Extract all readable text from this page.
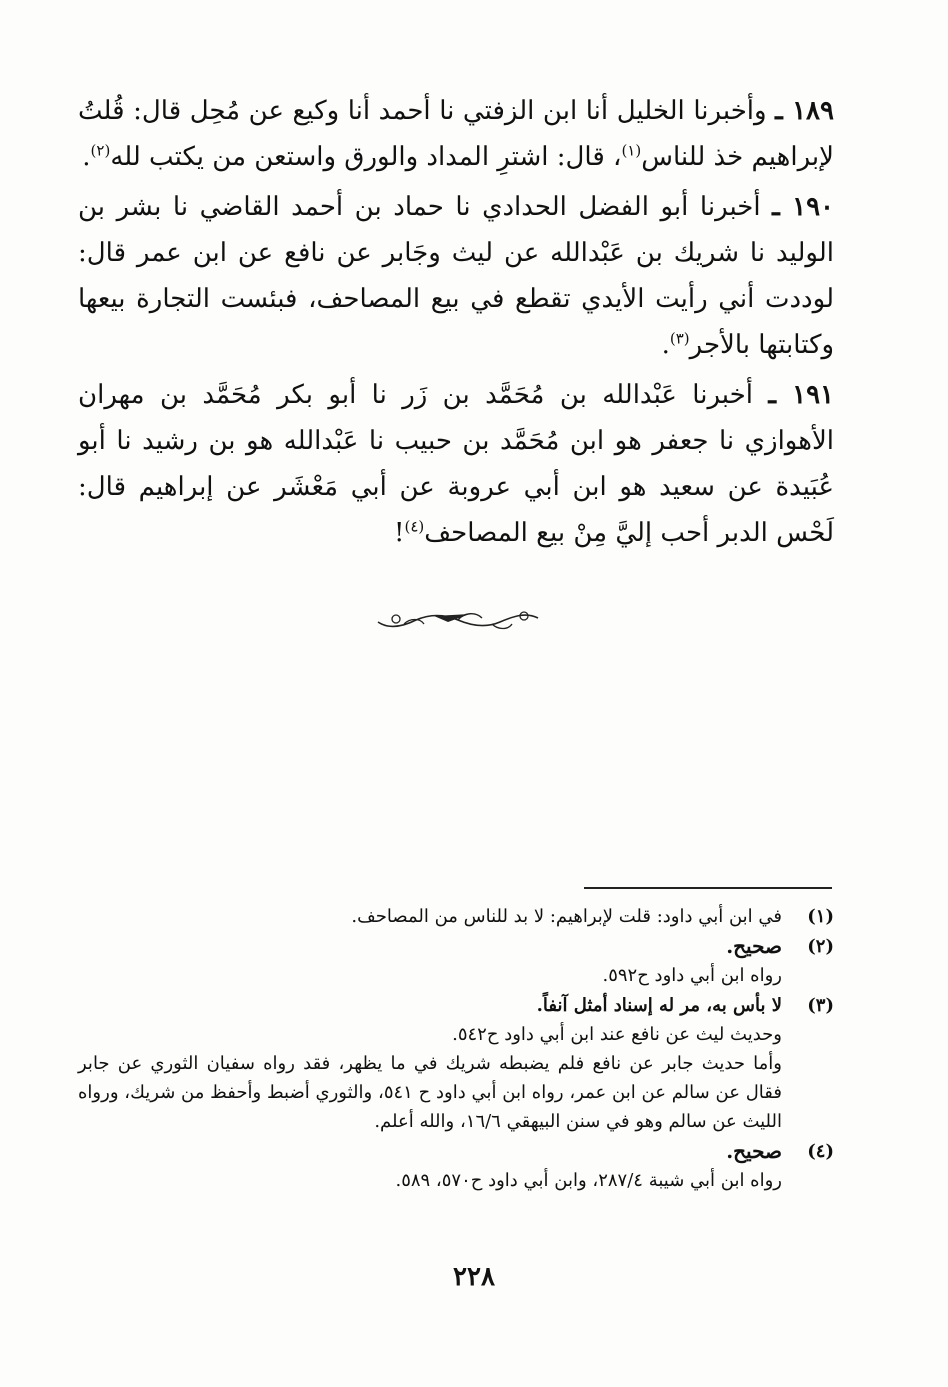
١٨٩ ـ وأخبرنا الخليل أنا ابن الزفتي نا أحمد أنا وكيع عن مُحِل قال: قُلتُ لإبراهيم خذ للناس$^{(١)}$، قال: اشترِ المداد والورق واستعن من يكتب لله$^{(٢)}$.

١٩٠ ـ أخبرنا أبو الفضل الحدادي نا حماد بن أحمد القاضي نا بشر بن الوليد نا شريك بن عَبْدالله عن ليث وجَابر عن نافع عن ابن عمر قال: لوددت أني رأيت الأيدي تقطع في بيع المصاحف، فبئست التجارة بيعها وكتابتها بالأجر$^{(٣)}$.

١٩١ ـ أخبرنا عَبْدالله بن مُحَمَّد بن زَر نا أبو بكر مُحَمَّد بن مهران الأهوازي نا جعفر هو ابن مُحَمَّد بن حبيب نا عَبْدالله هو بن رشيد نا أبو عُبَيدة عن سعيد هو ابن أبي عروبة عن أبي مَعْشَر عن إبراهيم قال: لَحْس الدبر أحب إليَّ مِنْ بيع المصاحف$^{(٤)}$!

(١)
في ابن أبي داود: قلت لإبراهيم: لا بد للناس من المصاحف.
(٢)
صحيح.
رواه ابن أبي داود ح٥٩٢.
(٣)
لا بأس به، مر له إسناد أمثل آنفاً.
وحديث ليث عن نافع عند ابن أبي داود ح٥٤٢.
وأما حديث جابر عن نافع فلم يضبطه شريك في ما يظهر، فقد رواه سفيان الثوري عن جابر فقال عن سالم عن ابن عمر، رواه ابن أبي داود ح ٥٤١، والثوري أضبط وأحفظ من شريك، ورواه الليث عن سالم وهو في سنن البيهقي ١٦/٦، والله أعلم.
(٤)
صحيح.
رواه ابن أبي شيبة ٢٨٧/٤، وابن أبي داود ح٥٧٠، ٥٨٩.
٢٢٨
